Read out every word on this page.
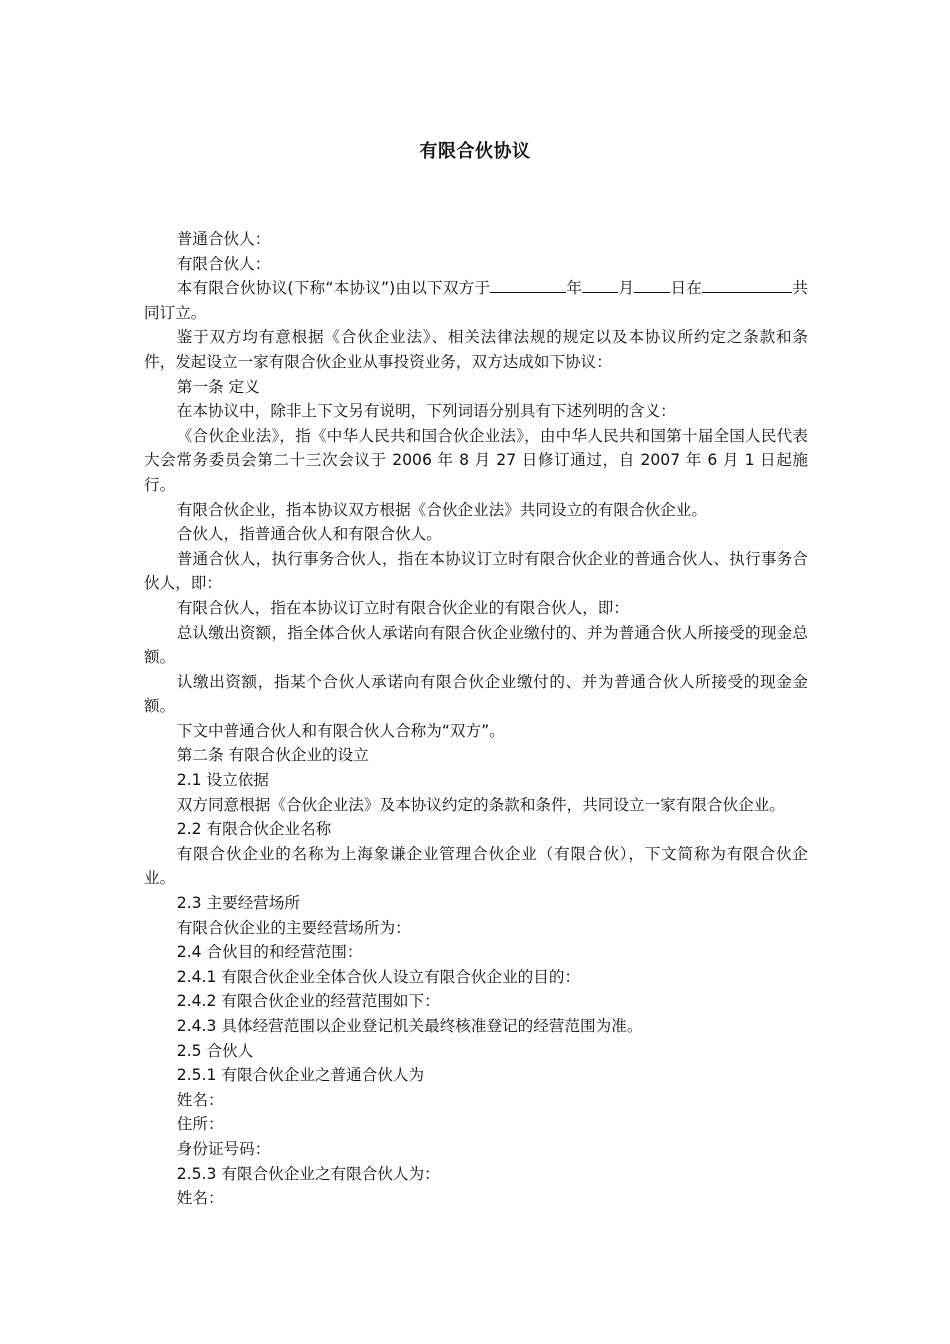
有限合伙协议

普通合伙人：

有限合伙人：

本有限合伙协议(下称“本协议”)由以下双方于	年 月 日在	共同订立。

鉴于双方均有意根据《合伙企业法》、相关法律法规的规定以及本协议所约定之条款和条件，发起设立一家有限合伙企业从事投资业务，双方达成如下协议：

第一条 定义

在本协议中，除非上下文另有说明，下列词语分别具有下述列明的含义：

《合伙企业法》，指《中华人民共和国合伙企业法》，由中华人民共和国第十届全国人民代表大会常务委员会第二十三次会议于 2006 年 8 月 27 日修订通过，自 2007 年 6 月 1 日起施行。

有限合伙企业，指本协议双方根据《合伙企业法》共同设立的有限合伙企业。

合伙人，指普通合伙人和有限合伙人。

普通合伙人，执行事务合伙人，指在本协议订立时有限合伙企业的普通合伙人、执行事务合伙人，即：

有限合伙人，指在本协议订立时有限合伙企业的有限合伙人，即：

总认缴出资额，指全体合伙人承诺向有限合伙企业缴付的、并为普通合伙人所接受的现金总额。

认缴出资额，指某个合伙人承诺向有限合伙企业缴付的、并为普通合伙人所接受的现金金额。

下文中普通合伙人和有限合伙人合称为“双方”。

第二条 有限合伙企业的设立

2.1 设立依据

双方同意根据《合伙企业法》及本协议约定的条款和条件，共同设立一家有限合伙企业。

2.2 有限合伙企业名称

有限合伙企业的名称为上海象谦企业管理合伙企业（有限合伙），下文简称为有限合伙企业。

2.3 主要经营场所

有限合伙企业的主要经营场所为：

2.4 合伙目的和经营范围：

2.4.1 有限合伙企业全体合伙人设立有限合伙企业的目的：

2.4.2 有限合伙企业的经营范围如下：

2.4.3 具体经营范围以企业登记机关最终核准登记的经营范围为准。

2.5 合伙人

2.5.1 有限合伙企业之普通合伙人为

姓名：

住所：

身份证号码：

2.5.3 有限合伙企业之有限合伙人为：

姓名：
